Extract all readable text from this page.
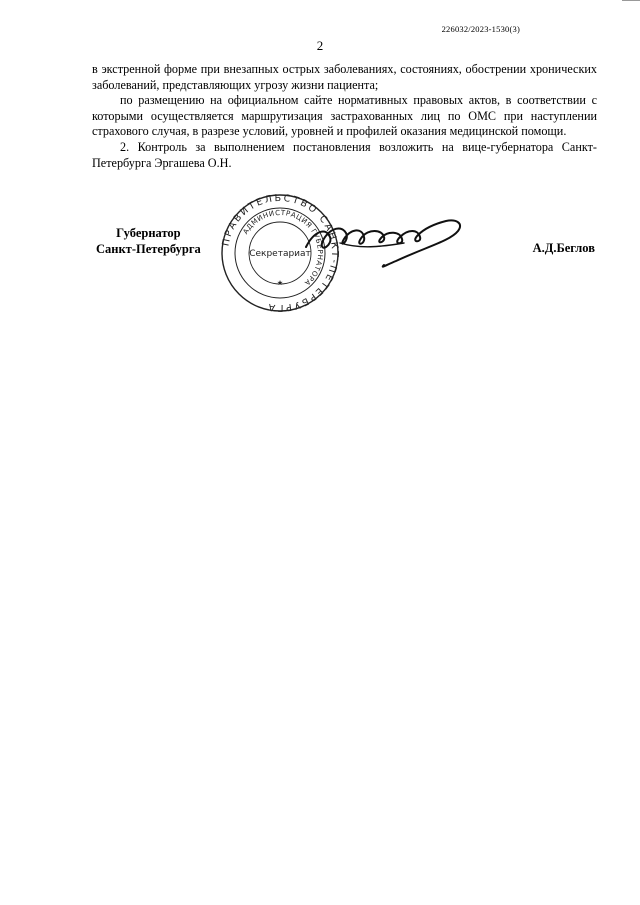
226032/2023-1530(3)
2

в экстренной форме при внезапных острых заболеваниях, состояниях, обострении хронических заболеваний, представляющих угрозу жизни пациента;

по размещению на официальном сайте нормативных правовых актов, в соответствии с которыми осуществляется маршрутизация застрахованных лиц по ОМС при наступлении страхового случая, в разрезе условий, уровней и профилей оказания медицинской помощи.

2. Контроль за выполнением постановления возложить на вице-губернатора Санкт-Петербурга Эргашева О.Н.

Губернатор
Санкт-Петербурга
ПРАВИТЕЛЬСТВО САНКТ-ПЕТЕРБУРГА
АДМИНИСТРАЦИЯ ГУБЕРНАТОРА
Секретариат
★
А.Д.Беглов
